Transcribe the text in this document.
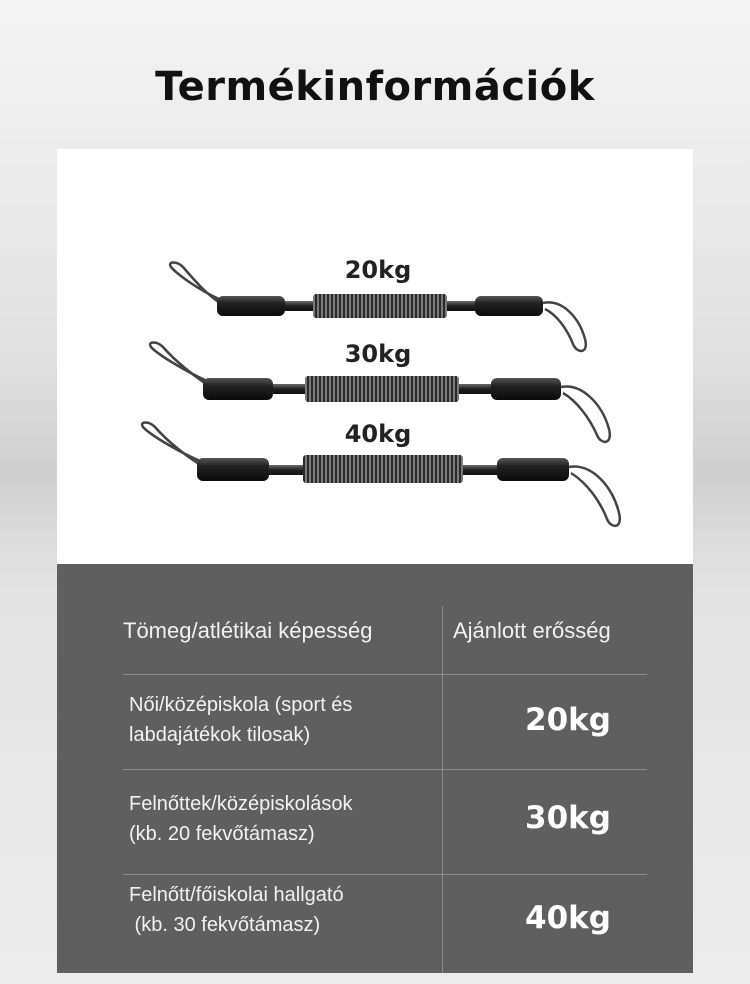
Termékinformációk
20kg
30kg
40kg
Tömeg/atlétikai képesség	Ajánlott erősség
Női/középiskola (sport és
labdajátékok tilosak)	20kg
Felnőttek/középiskolások
(kb. 20 fekvőtámasz)	30kg
Felnőtt/főiskolai hallgató
(kb. 30 fekvőtámasz)	40kg
